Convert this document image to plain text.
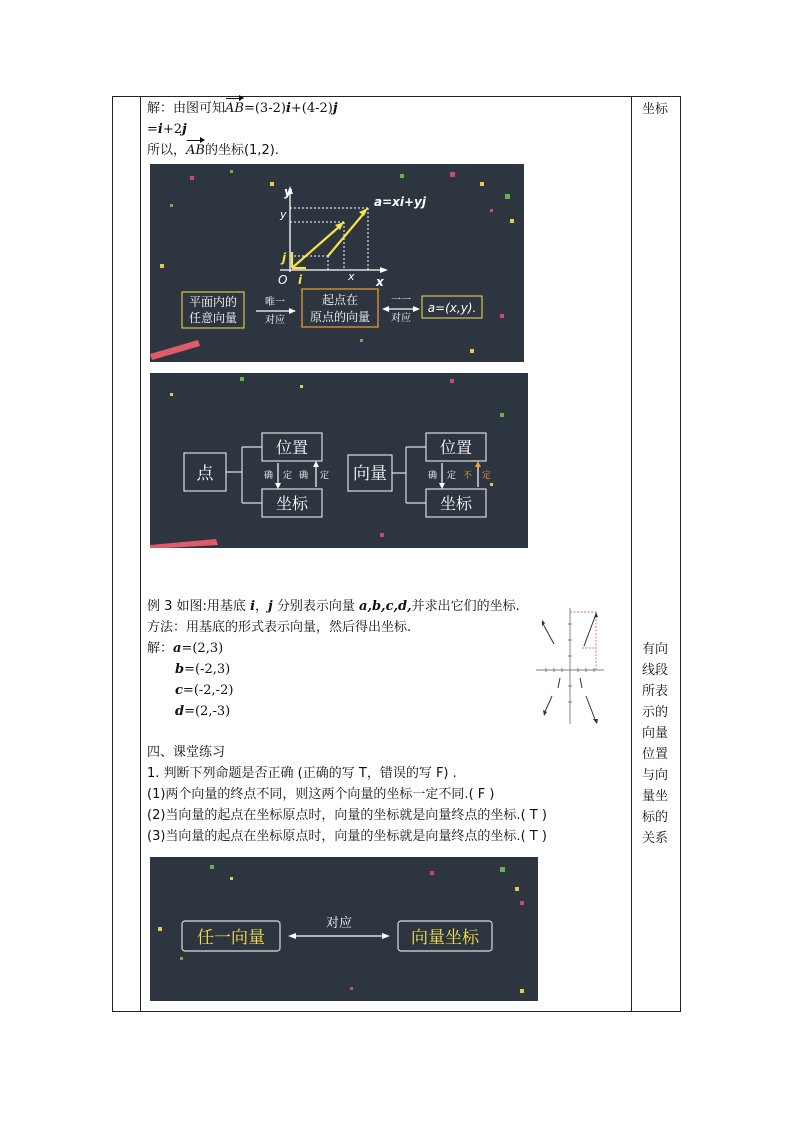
解：由图可知AB=(3-2)i+(4-2)j
=i+2j
所以，AB的坐标(1,2).
坐标
有向
线段
所表
示的
向量
位置
与向
量坐
标的
关系
y
x
O
y
x
i
j
a=xi+yj
平面内的
任意向量
唯一
对应
起点在
原点的向量
一一
对应
a=(x,y).
点
位置
坐标
确 定 确 定 向量
位置
坐标
确 定 不 定
例 3 如图:用基底 i，j 分别表示向量 a,b,c,d,并求出它们的坐标.
方法：用基底的形式表示向量，然后得出坐标.
解：a=(2,3)
b=(-2,3)
c=(-2,-2)
d=(2,-3)
四、课堂练习
1. 判断下列命题是否正确 (正确的写 T，错误的写 F) .
(1)两个向量的终点不同，则这两个向量的坐标一定不同.( F )
(2)当向量的起点在坐标原点时，向量的坐标就是向量终点的坐标.( T )
(3)当向量的起点在坐标原点时，向量的坐标就是向量终点的坐标.( T )
任一向量
对应
向量坐标
